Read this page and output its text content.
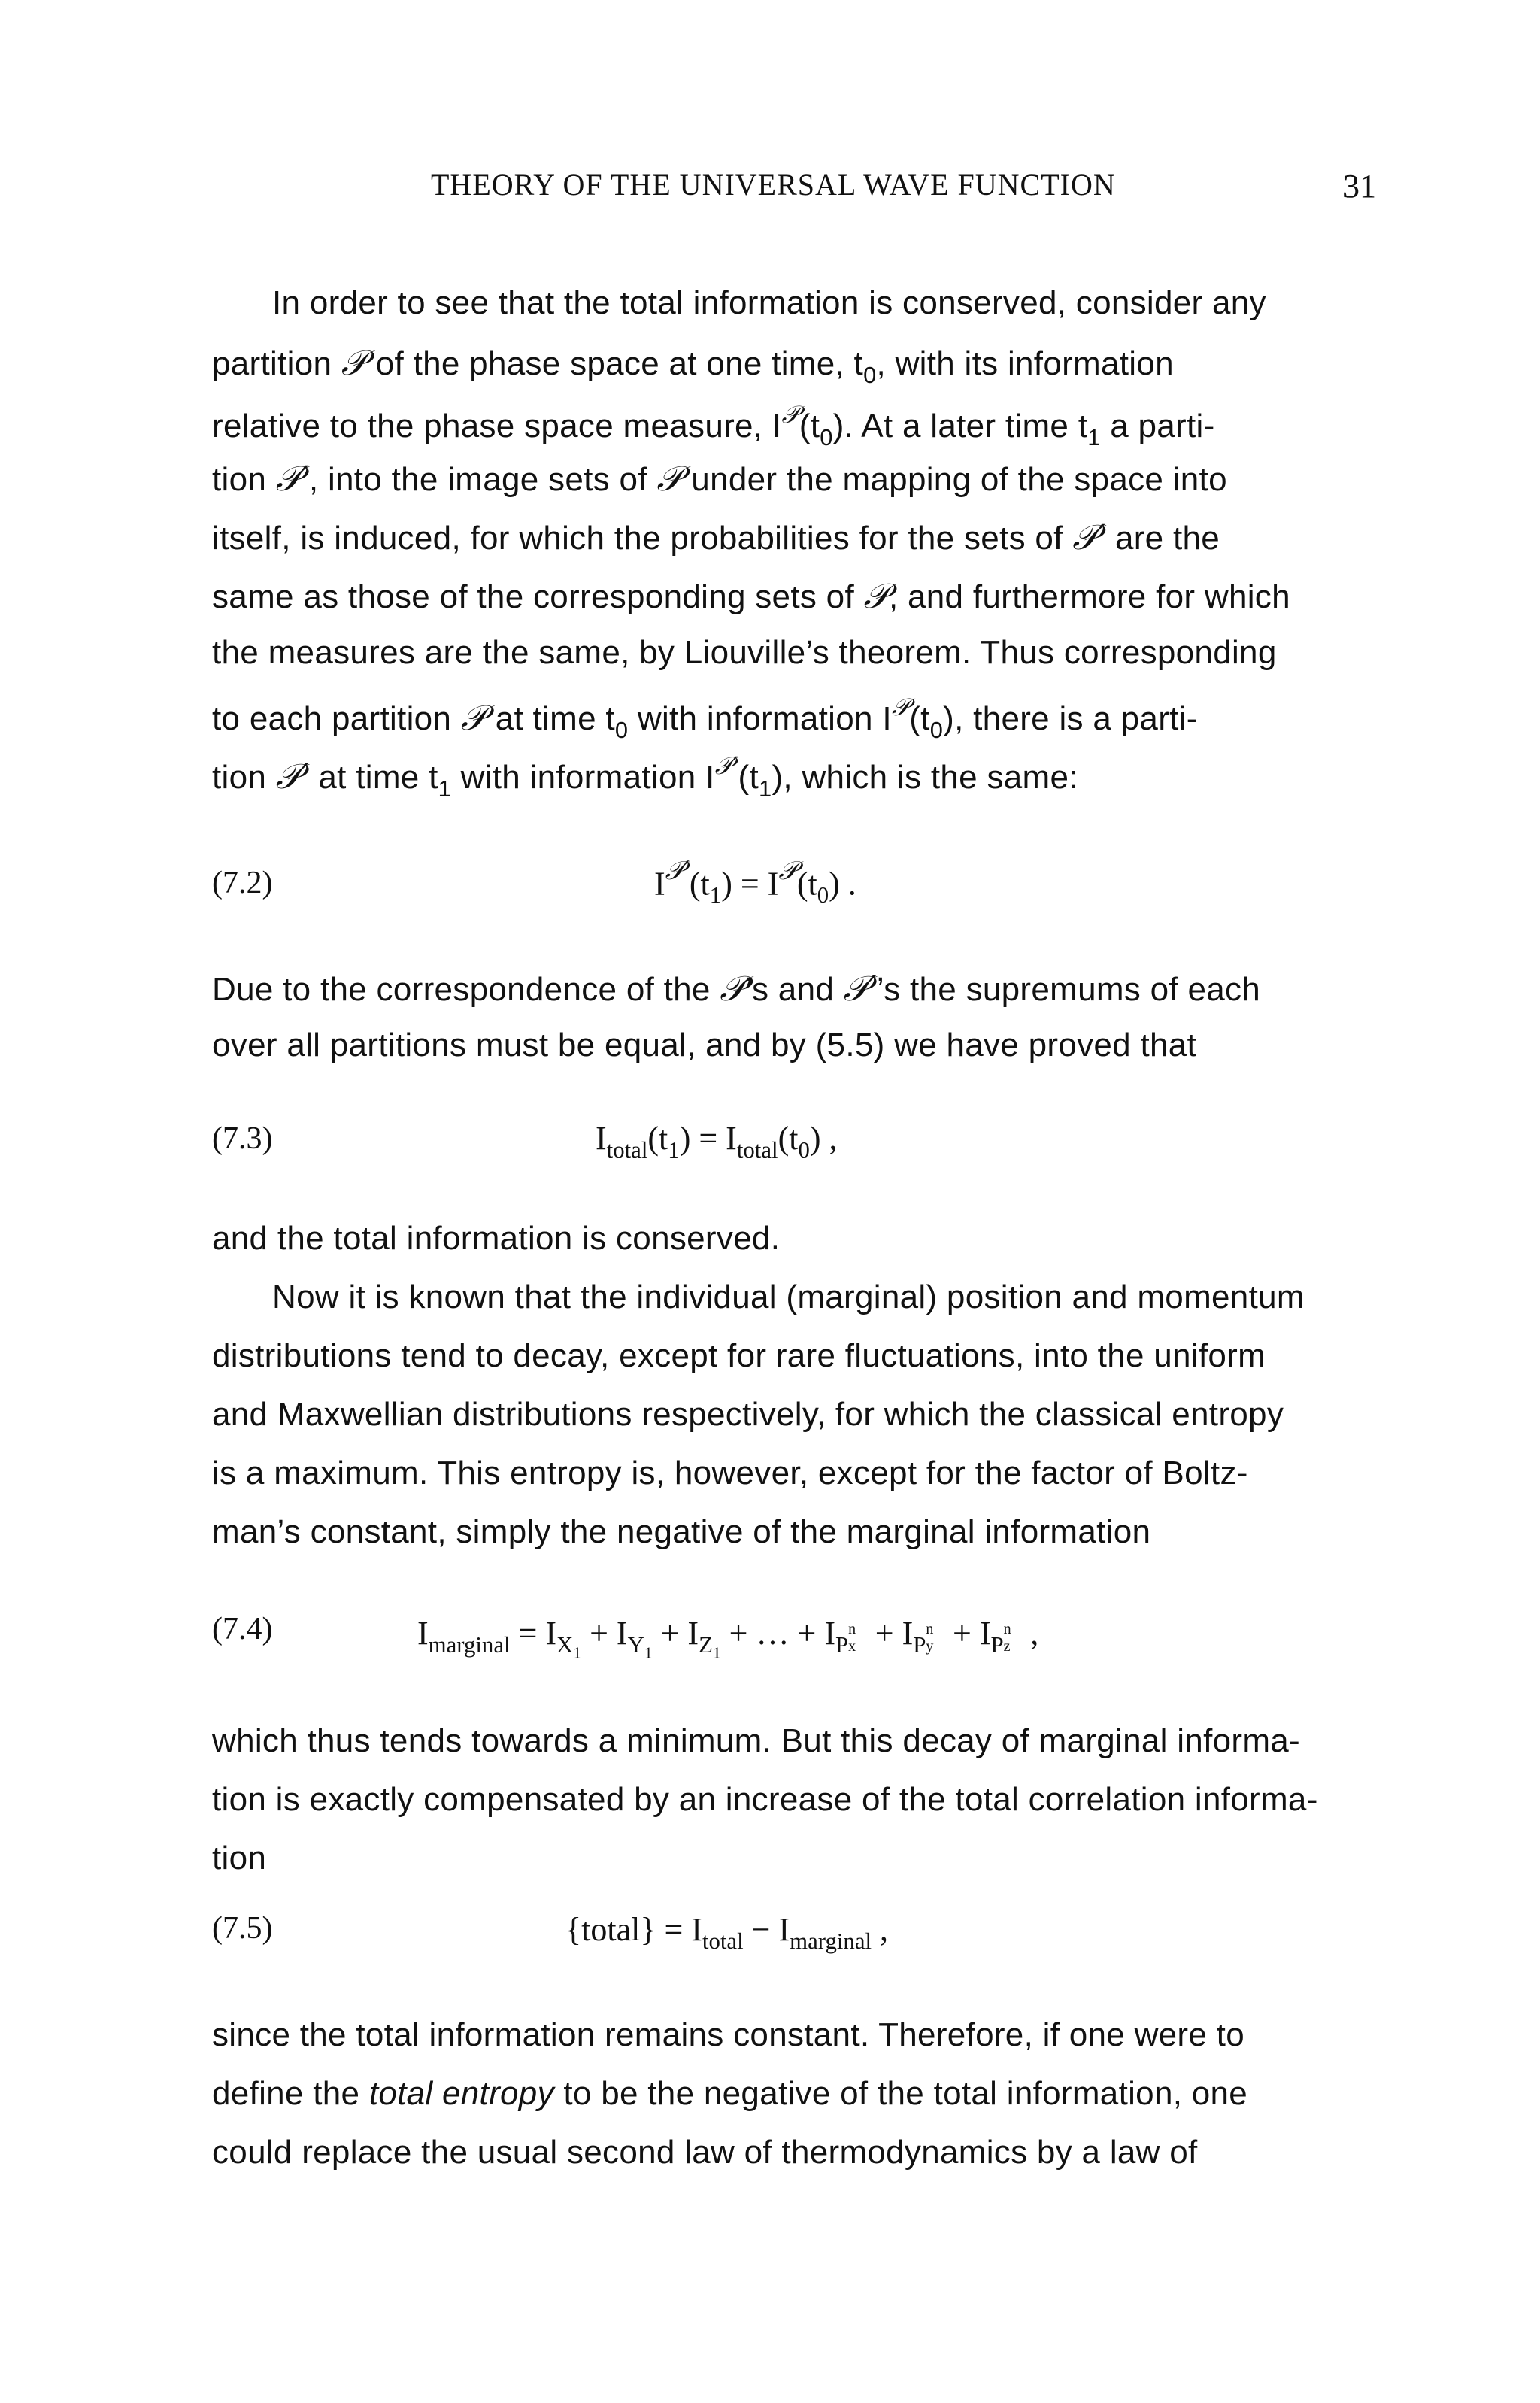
THEORY OF THE UNIVERSAL WAVE FUNCTION	31
In order to see that the total information is conserved, consider any
partition 𝒫 of the phase space at one time, $t_0$, with its information
relative to the phase space measure, $I^𝒫(t_0)$. At a later time $t_1$ a parti-
tion 𝒫′, into the image sets of 𝒫 under the mapping of the space into
itself, is induced, for which the probabilities for the sets of 𝒫′ are the
same as those of the corresponding sets of 𝒫, and furthermore for which
the measures are the same, by Liouville’s theorem. Thus corresponding
to each partition 𝒫 at time $t_0$ with information $I^𝒫(t_0)$, there is a parti-
tion 𝒫′ at time $t_1$ with information $I^{𝒫'}(t_1)$, which is the same:
(7.2)	$I^{𝒫'}(t_1) = I^𝒫(t_0)$ .
Due to the correspondence of the 𝒫’s and 𝒫′’s the supremums of each
over all partitions must be equal, and by (5.5) we have proved that
(7.3)	$I_{total}(t_1) = I_{total}(t_0)$ ,
and the total information is conserved.
Now it is known that the individual (marginal) position and momentum
distributions tend to decay, except for rare fluctuations, into the uniform
and Maxwellian distributions respectively, for which the classical entropy
is a maximum. This entropy is, however, except for the factor of Boltz-
man’s constant, simply the negative of the marginal information
(7.4)	$I_{marginal} = I_{X_1} + I_{Y_1} + I_{Z_1}$ + … + $I_{P n x} + I_{P n y} + I_{P n z}$ ,
which thus tends towards a minimum. But this decay of marginal informa-
tion is exactly compensated by an increase of the total correlation informa-
tion
(7.5)	{total} = $I_{total} - I_{marginal}$ ,
since the total information remains constant. Therefore, if one were to
define the total entropy to be the negative of the total information, one
could replace the usual second law of thermodynamics by a law of
